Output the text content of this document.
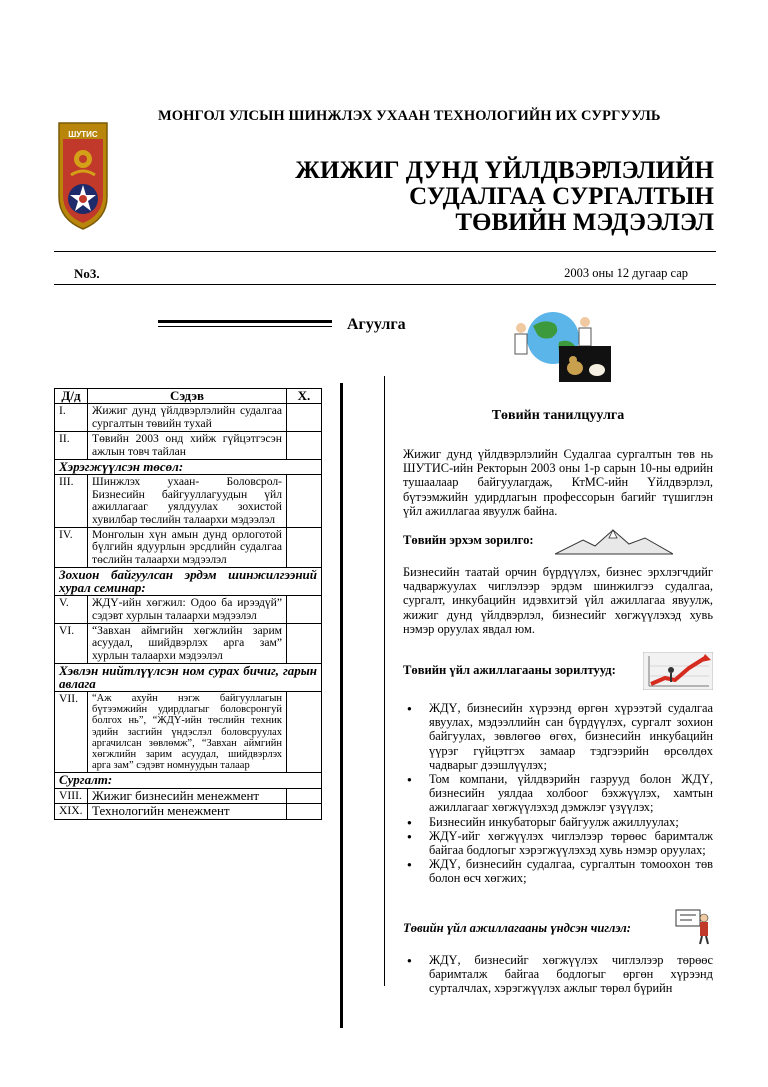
МОНГОЛ УЛСЫН ШИНЖЛЭХ УХААН ТЕХНОЛОГИЙН ИХ СУРГУУЛЬ
ШУТИС
ЖИЖИГ ДУНД ҮЙЛДВЭРЛЭЛИЙН
СУДАЛГАА СУРГАЛТЫН
ТӨВИЙН МЭДЭЭЛЭЛ
No3.	2003 оны 12 дугаар сар
Агуулга
Д/д	Сэдэв	Х.
I.	Жижиг дунд үйлдвэрлэлийн судалгаа сургалтын төвийн тухай	
II.	Төвийн 2003 онд хийж гүйцэтгэсэн ажлын товч тайлан	
Хэрэгжүүлсэн төсөл:		
III.	Шинжлэх ухаан- Боловсрол-Бизнесийн байгууллагуудын үйл ажиллагааг уялдуулах зохистой хувилбар төслийн талаархи мэдээлэл	
IV.	Монголын хүн амын дунд орлоготой бүлгийн ядуурлын эрсдлийн судалгаа төслийн талаархи мэдээлэл	
Зохион байгуулсан эрдэм шинжилгээний хурал семинар:		
V.	ЖДҮ-ийн хөгжил: Одоо ба ирээдүй” сэдэвт хурлын талаархи мэдээлэл	
VI.	“Завхан аймгийн хөгжлийн зарим асуудал, шийдвэрлэх арга зам” хурлын талаархи мэдээлэл	
Хэвлэн нийтлүүлсэн ном сурах бичиг, гарын авлага		
VII.	“Аж ахуйн нэгж байгууллагын бүтээмжийн удирдлагыг боловсронгуй болгох нь”, “ЖДҮ-ийн төслийн техник эдийн засгийн үндэслэл боловсруулах аргачилсан зөвлөмж”, “Завхан аймгийн хөгжлийн зарим асуудал, шийдвэрлэх арга зам” сэдэвт номнуудын талаар	
Сургалт:		
VIII.	Жижиг бизнесийн менежмент	
XIX.	Технологийн менежмент	
Төвийн танилцуулга

Жижиг дунд үйлдвэрлэлийн Судалгаа сургалтын төв нь ШУТИС-ийн Ректорын 2003 оны 1-р сарын 10-ны өдрийн тушаалаар байгуулагдаж, КтМС-ийн Үйлдвэрлэл, бүтээмжийн удирдлагын профессорын багийг түшиглэн үйл ажиллагаа явуулж байна.

Төвийн эрхэм зорилго:

Бизнесийн таатай орчин бүрдүүлэх, бизнес эрхлэгчдийг чадваржуулах чиглэлээр эрдэм шинжилгээ судалгаа, сургалт, инкубацийн идэвхитэй үйл ажиллагаа явуулж, жижиг дунд үйлдвэрлэл, бизнесийг хөгжүүлэхэд хувь нэмэр оруулах явдал юм.

Төвийн үйл ажиллагааны зорилтууд:
● ЖДҮ, бизнесийн хүрээнд өргөн хүрээтэй судалгаа явуулах, мэдээллийн сан бүрдүүлэх, сургалт зохион байгуулах, зөвлөгөө өгөх, бизнесийн инкубацийн үүрэг гүйцэтгэх замаар тэдгээрийн өрсөлдөх чадварыг дээшлүүлэх;
● Том компани, үйлдвэрийн газрууд болон ЖДҮ, бизнесийн уялдаа холбоог бэхжүүлэх, хамтын ажиллагааг хөгжүүлэхэд дэмжлэг үзүүлэх;
● Бизнесийн инкубаторыг байгуулж ажиллуулах;
● ЖДҮ-ийг хөгжүүлэх чиглэлээр төрөөс баримталж байгаа бодлогыг хэрэгжүүлэхэд хувь нэмэр оруулах;
● ЖДҮ, бизнесийн судалгаа, сургалтын томоохон төв болон өсч хөгжих;
Төвийн үйл ажиллагааны үндсэн чиглэл:
● ЖДҮ, бизнесийг хөгжүүлэх чиглэлээр төрөөс баримталж байгаа бодлогыг өргөн хүрээнд сурталчлах, хэрэгжүүлэх ажлыг төрөл бүрийн
